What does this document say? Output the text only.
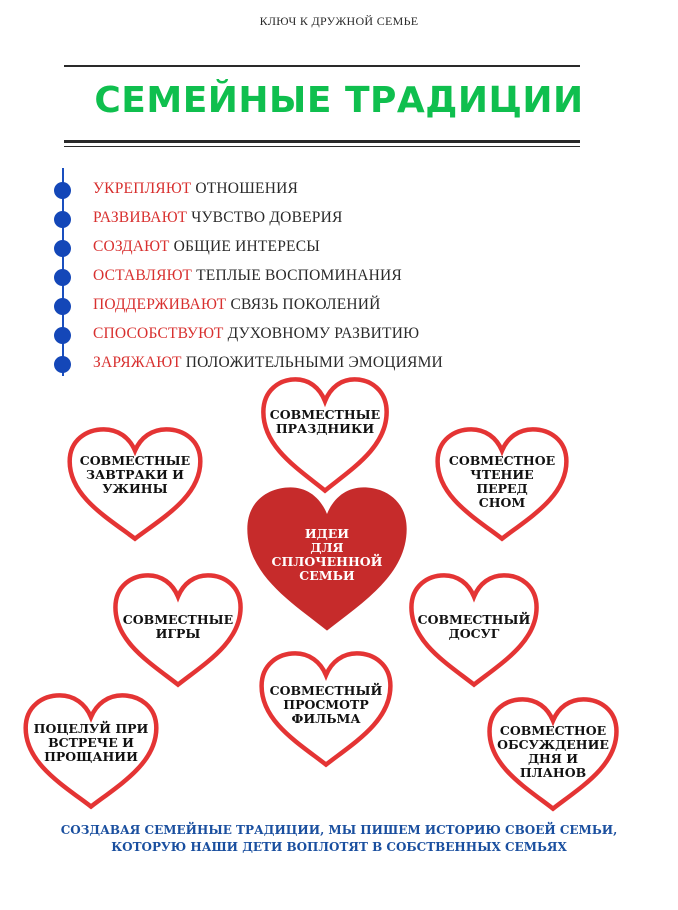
КЛЮЧ К ДРУЖНОЙ СЕМЬЕ
СЕМЕЙНЫЕ ТРАДИЦИИ
УКРЕПЛЯЮТ ОТНОШЕНИЯ
РАЗВИВАЮТ ЧУВСТВО ДОВЕРИЯ
СОЗДАЮТ ОБЩИЕ ИНТЕРЕСЫ
ОСТАВЛЯЮТ ТЕПЛЫЕ ВОСПОМИНАНИЯ
ПОДДЕРЖИВАЮТ СВЯЗЬ ПОКОЛЕНИЙ
СПОСОБСТВУЮТ ДУХОВНОМУ РАЗВИТИЮ
ЗАРЯЖАЮТ ПОЛОЖИТЕЛЬНЫМИ ЭМОЦИЯМИ
СОВМЕСТНЫЕ
ПРАЗДНИКИ
СОВМЕСТНЫЕ
ЗАВТРАКИ И
УЖИНЫ
СОВМЕСТНОЕ
ЧТЕНИЕ
ПЕРЕД
СНОМ
ИДЕИ
ДЛЯ
СПЛОЧЕННОЙ
СЕМЬИ
СОВМЕСТНЫЕ
ИГРЫ
СОВМЕСТНЫЙ
ДОСУГ
СОВМЕСТНЫЙ
ПРОСМОТР
ФИЛЬМА
ПОЦЕЛУЙ ПРИ
ВСТРЕЧЕ И
ПРОЩАНИИ
СОВМЕСТНОЕ
ОБСУЖДЕНИЕ
ДНЯ И
ПЛАНОВ
СОЗДАВАЯ СЕМЕЙНЫЕ ТРАДИЦИИ, МЫ ПИШЕМ ИСТОРИЮ СВОЕЙ СЕМЬИ,
КОТОРУЮ НАШИ ДЕТИ ВОПЛОТЯТ В СОБСТВЕННЫХ СЕМЬЯХ
